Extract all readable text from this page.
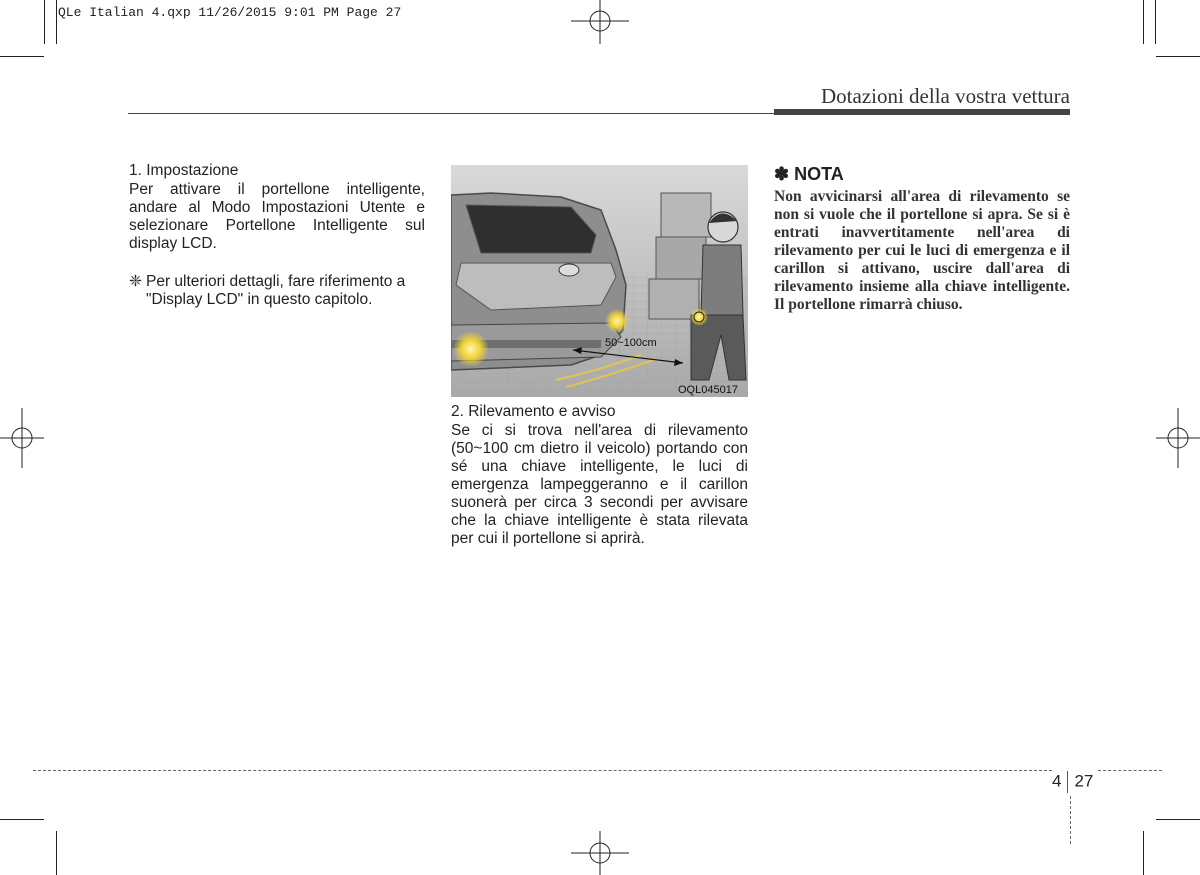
QLe Italian 4.qxp 11/26/2015 9:01 PM Page 27
Dotazioni della vostra vettura
1. Impostazione

Per attivare il portellone intelligente, andare al Modo Impostazioni Utente e selezionare Portellone Intelligente sul display LCD.

❈ Per ulteriori dettagli, fare riferimento a "Display LCD" in questo capitolo.

50~100cm
OQL045017
2. Rilevamento e avviso

Se ci si trova nell'area di rilevamento (50~100 cm dietro il veicolo) portando con sé una chiave intelligente, le luci di emergenza lampeggeranno e il carillon suonerà per circa 3 secondi per avvisare che la chiave intelligente è stata rilevata per cui il portellone si aprirà.

✽ NOTA

Non avvicinarsi all'area di rilevamento se non si vuole che il portellone si apra. Se si è entrati inavvertitamente nell'area di rilevamento per cui le luci di emergenza e il carillon si attivano, uscire dall'area di rilevamento insieme alla chiave intelligente. Il portellone rimarrà chiuso.

4 27
